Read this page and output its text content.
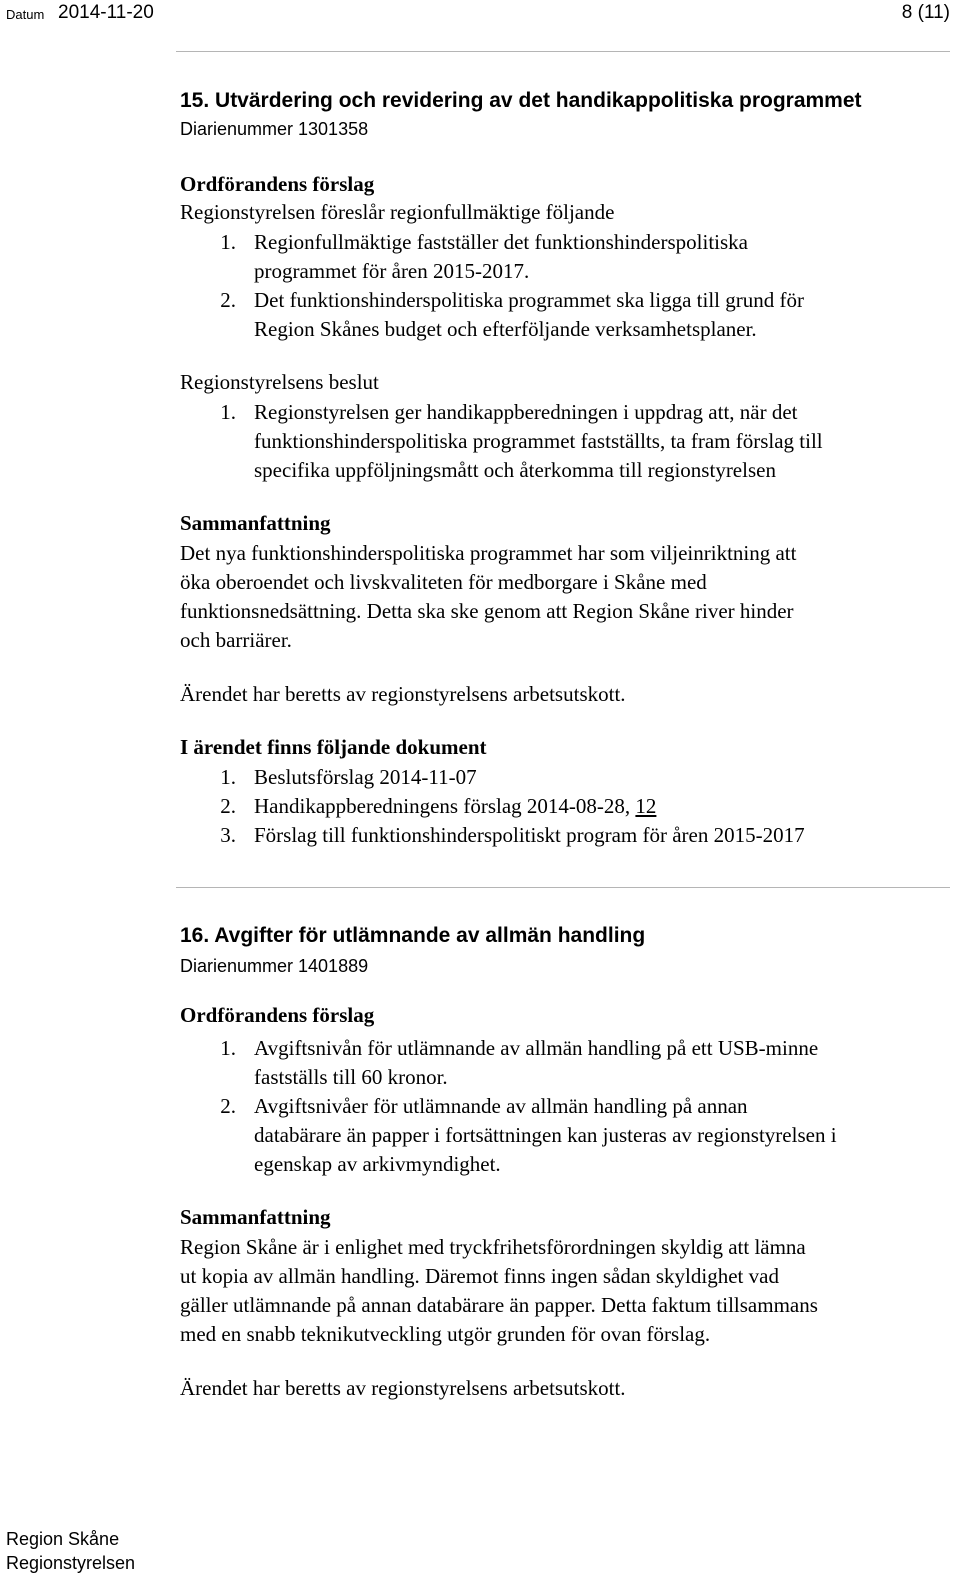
Datum 2014-11-20	8 (11)
15. Utvärdering och revidering av det handikappolitiska programmet
Diarienummer 1301358
Ordförandens förslag
Regionstyrelsen föreslår regionfullmäktige följande
1. Regionfullmäktige fastställer det funktionshinderspolitiska
programmet för åren 2015-2017.
2. Det funktionshinderspolitiska programmet ska ligga till grund för
Region Skånes budget och efterföljande verksamhetsplaner.
Regionstyrelsens beslut
1. Regionstyrelsen ger handikappberedningen i uppdrag att, när det
funktionshinderspolitiska programmet fastställts, ta fram förslag till
specifika uppföljningsmått och återkomma till regionstyrelsen
Sammanfattning
Det nya funktionshinderspolitiska programmet har som viljeinriktning att
öka oberoendet och livskvaliteten för medborgare i Skåne med
funktionsnedsättning. Detta ska ske genom att Region Skåne river hinder
och barriärer.
Ärendet har beretts av regionstyrelsens arbetsutskott.
I ärendet finns följande dokument
1. Beslutsförslag 2014-11-07
2. Handikappberedningens förslag 2014-08-28, 12
3. Förslag till funktionshinderspolitiskt program för åren 2015-2017
16. Avgifter för utlämnande av allmän handling
Diarienummer 1401889
Ordförandens förslag
1. Avgiftsnivån för utlämnande av allmän handling på ett USB-minne
fastställs till 60 kronor.
2. Avgiftsnivåer för utlämnande av allmän handling på annan
databärare än papper i fortsättningen kan justeras av regionstyrelsen i
egenskap av arkivmyndighet.
Sammanfattning
Region Skåne är i enlighet med tryckfrihetsförordningen skyldig att lämna
ut kopia av allmän handling. Däremot finns ingen sådan skyldighet vad
gäller utlämnande på annan databärare än papper. Detta faktum tillsammans
med en snabb teknikutveckling utgör grunden för ovan förslag.
Ärendet har beretts av regionstyrelsens arbetsutskott.
Region Skåne
Regionstyrelsen
